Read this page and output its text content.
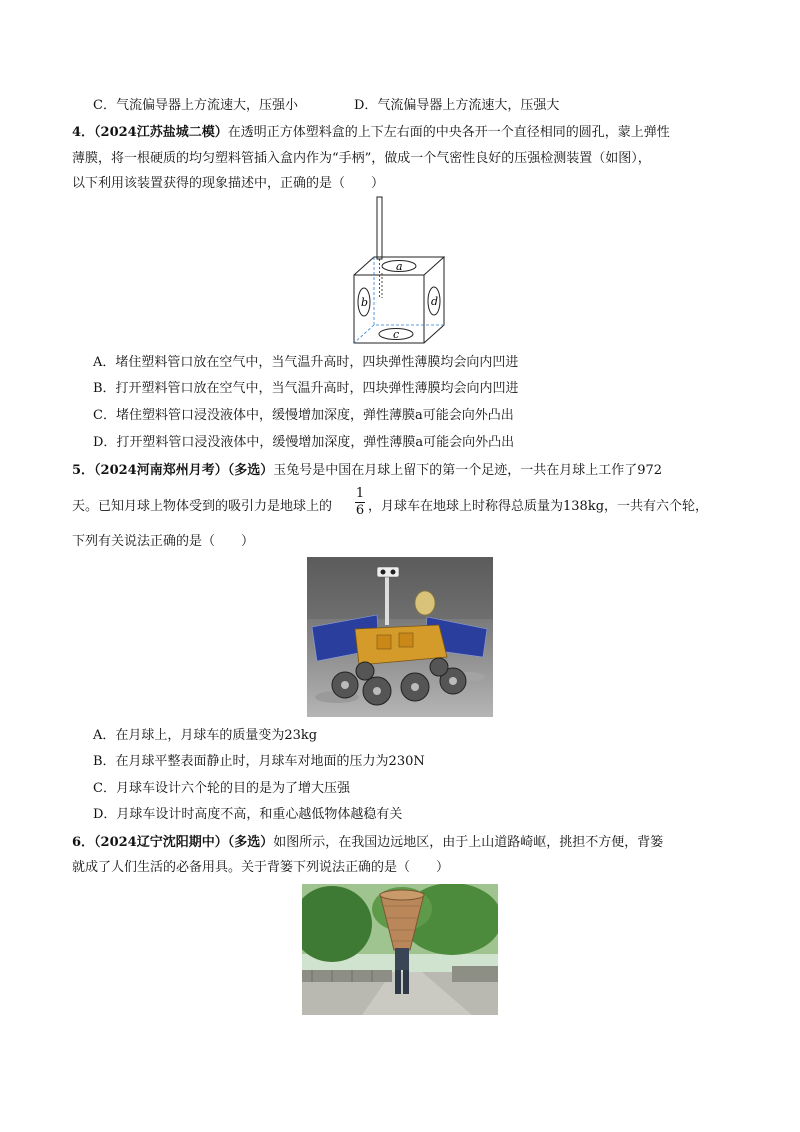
C．气流偏导器上方流速大，压强小	D．气流偏导器上方流速大，压强大
4．（2024江苏盐城二模）在透明正方体塑料盒的上下左右面的中央各开一个直径相同的圆孔，蒙上弹性
薄膜，将一根硬质的均匀塑料管插入盒内作为“手柄”，做成一个气密性良好的压强检测装置（如图），
以下利用该装置获得的现象描述中，正确的是（　　）
a
b	d
c
A．堵住塑料管口放在空气中，当气温升高时，四块弹性薄膜均会向内凹进
B．打开塑料管口放在空气中，当气温升高时，四块弹性薄膜均会向内凹进
C．堵住塑料管口浸没液体中，缓慢增加深度，弹性薄膜a可能会向外凸出
D．打开塑料管口浸没液体中，缓慢增加深度，弹性薄膜a可能会向外凸出
5．（2024河南郑州月考）（多选）玉兔号是中国在月球上留下的第一个足迹，一共在月球上工作了972
天。已知月球上物体受到的吸引力是地球上的 $\frac{1}{6}$ ，月球车在地球上时称得总质量为138kg，一共有六个轮，
下列有关说法正确的是（　　）
A．在月球上，月球车的质量变为23kg
B．在月球平整表面静止时，月球车对地面的压力为230N
C．月球车设计六个轮的目的是为了增大压强
D．月球车设计时高度不高，和重心越低物体越稳有关
6．（2024辽宁沈阳期中）（多选）如图所示，在我国边远地区，由于上山道路崎岖，挑担不方便，背篓
就成了人们生活的必备用具。关于背篓下列说法正确的是（　　）
